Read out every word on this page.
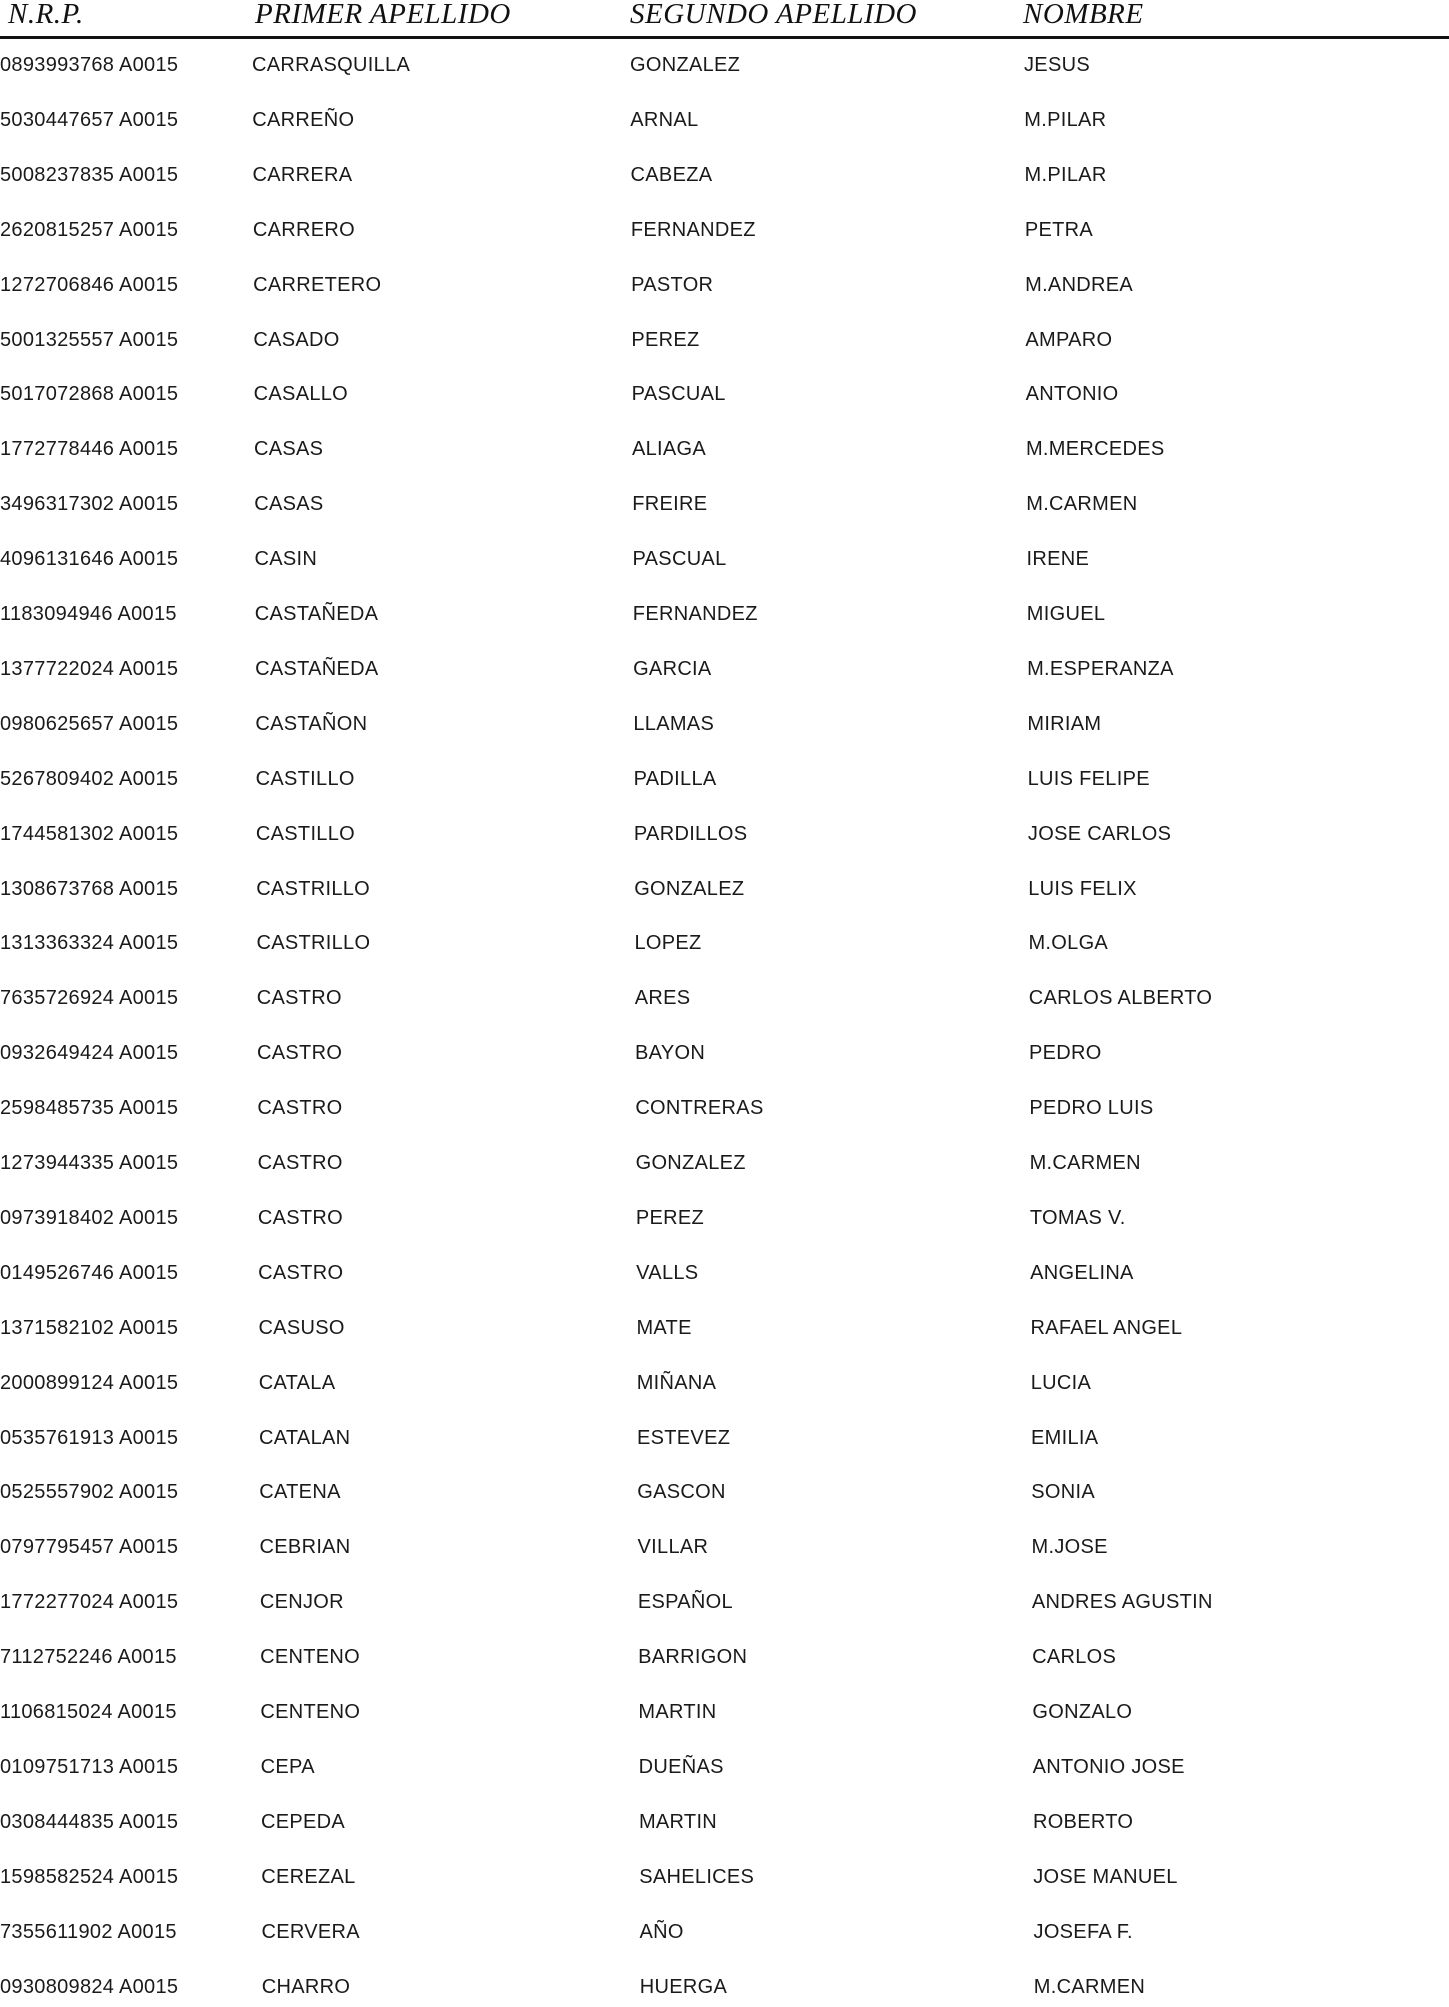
N.R.P.	PRIMER APELLIDO	SEGUNDO APELLIDO	NOMBRE
0893993768 A0015	CARRASQUILLA	GONZALEZ	JESUS
5030447657 A0015	CARREÑO	ARNAL	M.PILAR
5008237835 A0015	CARRERA	CABEZA	M.PILAR
2620815257 A0015	CARRERO	FERNANDEZ	PETRA
1272706846 A0015	CARRETERO	PASTOR	M.ANDREA
5001325557 A0015	CASADO	PEREZ	AMPARO
5017072868 A0015	CASALLO	PASCUAL	ANTONIO
1772778446 A0015	CASAS	ALIAGA	M.MERCEDES
3496317302 A0015	CASAS	FREIRE	M.CARMEN
4096131646 A0015	CASIN	PASCUAL	IRENE
1183094946 A0015	CASTAÑEDA	FERNANDEZ	MIGUEL
1377722024 A0015	CASTAÑEDA	GARCIA	M.ESPERANZA
0980625657 A0015	CASTAÑON	LLAMAS	MIRIAM
5267809402 A0015	CASTILLO	PADILLA	LUIS FELIPE
1744581302 A0015	CASTILLO	PARDILLOS	JOSE CARLOS
1308673768 A0015	CASTRILLO	GONZALEZ	LUIS FELIX
1313363324 A0015	CASTRILLO	LOPEZ	M.OLGA
7635726924 A0015	CASTRO	ARES	CARLOS ALBERTO
0932649424 A0015	CASTRO	BAYON	PEDRO
2598485735 A0015	CASTRO	CONTRERAS	PEDRO LUIS
1273944335 A0015	CASTRO	GONZALEZ	M.CARMEN
0973918402 A0015	CASTRO	PEREZ	TOMAS V.
0149526746 A0015	CASTRO	VALLS	ANGELINA
1371582102 A0015	CASUSO	MATE	RAFAEL ANGEL
2000899124 A0015	CATALA	MIÑANA	LUCIA
0535761913 A0015	CATALAN	ESTEVEZ	EMILIA
0525557902 A0015	CATENA	GASCON	SONIA
0797795457 A0015	CEBRIAN	VILLAR	M.JOSE
1772277024 A0015	CENJOR	ESPAÑOL	ANDRES AGUSTIN
7112752246 A0015	CENTENO	BARRIGON	CARLOS
1106815024 A0015	CENTENO	MARTIN	GONZALO
0109751713 A0015	CEPA	DUEÑAS	ANTONIO JOSE
0308444835 A0015	CEPEDA	MARTIN	ROBERTO
1598582524 A0015	CEREZAL	SAHELICES	JOSE MANUEL
7355611902 A0015	CERVERA	AÑO	JOSEFA F.
0930809824 A0015	CHARRO	HUERGA	M.CARMEN
